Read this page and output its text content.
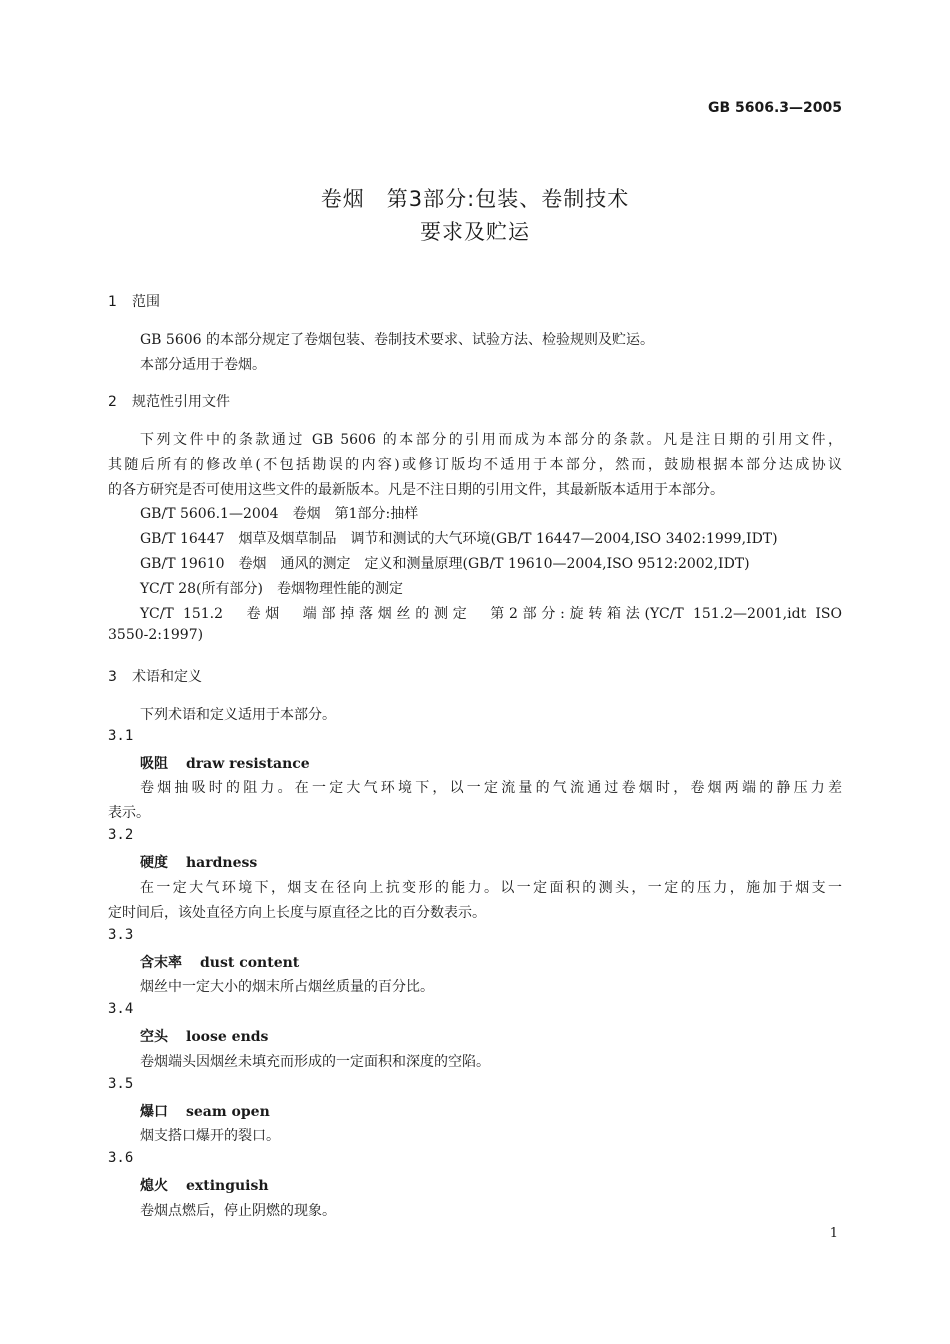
GB 5606.3—2005
卷烟　第3部分:包装、卷制技术
要求及贮运
1 范围
GB 5606 的本部分规定了卷烟包装、卷制技术要求、试验方法、检验规则及贮运。
本部分适用于卷烟。
2 规范性引用文件
下列文件中的条款通过 GB 5606 的本部分的引用而成为本部分的条款。凡是注日期的引用文件，
其随后所有的修改单(不包括勘误的内容)或修订版均不适用于本部分，然而，鼓励根据本部分达成协议
的各方研究是否可使用这些文件的最新版本。凡是不注日期的引用文件，其最新版本适用于本部分。
GB/T 5606.1—2004　卷烟　第1部分:抽样
GB/T 16447　烟草及烟草制品　调节和测试的大气环境(GB/T 16447—2004,ISO 3402:1999,IDT)
GB/T 19610　卷烟　通风的测定　定义和测量原理(GB/T 19610—2004,ISO 9512:2002,IDT)
YC/T 28(所有部分)　卷烟物理性能的测定
YC/T 151.2　卷烟　端部掉落烟丝的测定　第2部分:旋转箱法(YC/T 151.2—2001,idt ISO
3550-2:1997)
3 术语和定义
下列术语和定义适用于本部分。
3.1
吸阻 draw resistance
卷烟抽吸时的阻力。在一定大气环境下，以一定流量的气流通过卷烟时，卷烟两端的静压力差
表示。
3.2
硬度 hardness
在一定大气环境下，烟支在径向上抗变形的能力。以一定面积的测头，一定的压力，施加于烟支一
定时间后，该处直径方向上长度与原直径之比的百分数表示。
3.3
含末率 dust content
烟丝中一定大小的烟末所占烟丝质量的百分比。
3.4
空头 loose ends
卷烟端头因烟丝未填充而形成的一定面积和深度的空陷。
3.5
爆口 seam open
烟支搭口爆开的裂口。
3.6
熄火 extinguish
卷烟点燃后，停止阴燃的现象。
1
